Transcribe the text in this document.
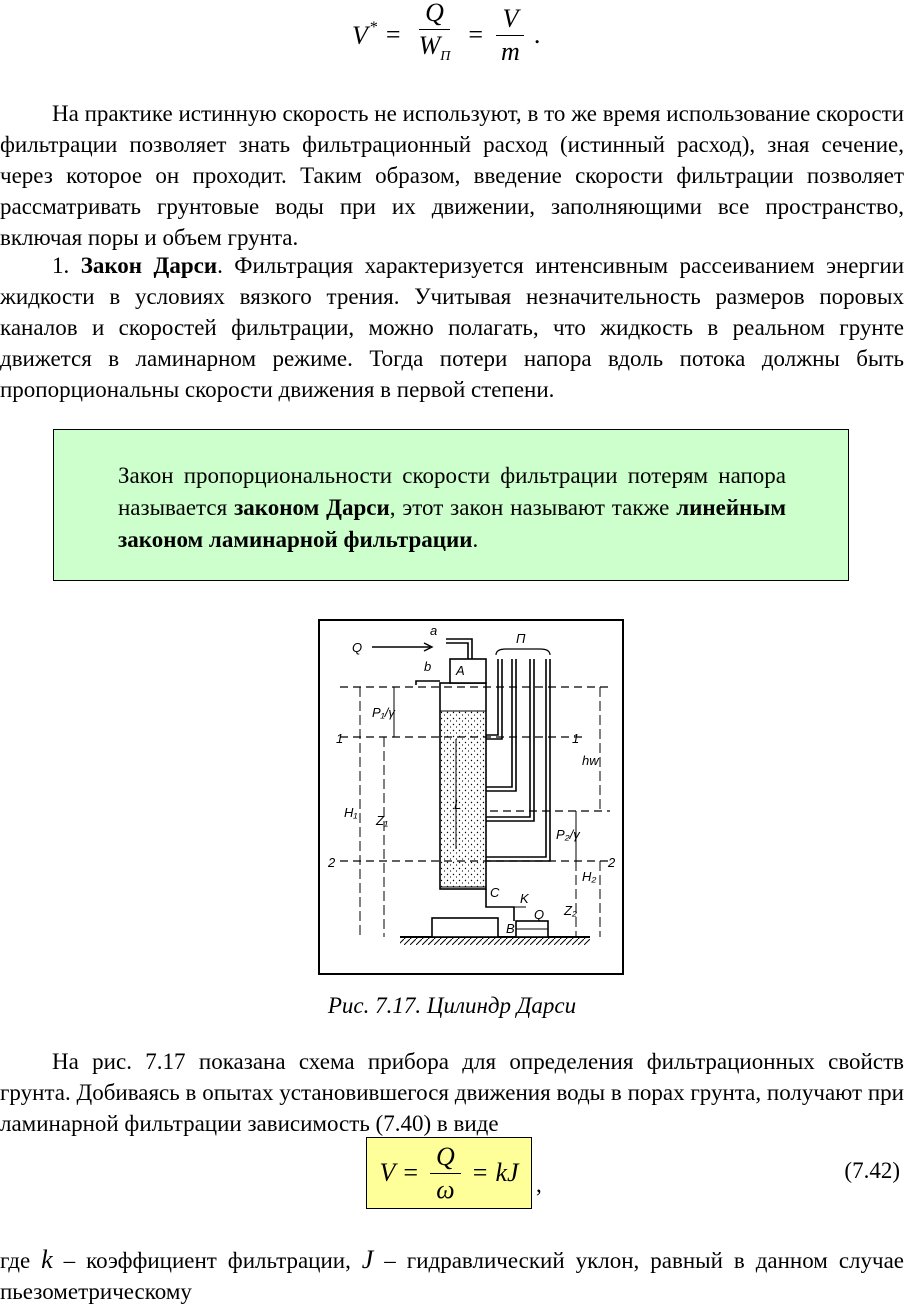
V $^* = \frac{Q}{W_П} = \frac{V}{m}$ .

На практике истинную скорость не используют, в то же время использование скорости фильтрации позволяет знать фильтрационный расход (истинный расход), зная сечение, через которое он проходит. Таким образом, введение скорости фильтрации позволяет рассматривать грунтовые воды при их движении, заполняющими все пространство, включая поры и объем грунта.

1. Закон Дарси. Фильтрация характеризуется интенсивным рассеиванием энергии жидкости в условиях вязкого трения. Учитывая незначительность размеров поровых каналов и скоростей фильтрации, можно полагать, что жидкость в реальном грунте движется в ламинарном режиме. Тогда потери напора вдоль потока должны быть пропорциональны скорости движения в первой степени.

Закон пропорциональности скорости фильтрации потерям напора называется законом Дарси, этот закон называют также линейным законом ламинарной фильтрации.
Q
a
b A
П
P₁/γ
1	1
hw
L
H₁
Z₁
P₂/γ
2	2
H₂
C K
B
Q Z₂
Рис. 7.17. Цилиндр Дарси

На рис. 7.17 показана схема прибора для определения фильтрационных свойств грунта. Добиваясь в опытах установившегося движения воды в порах грунта, получают при ламинарной фильтрации зависимость (7.40) в виде

$V = \frac{Q}{\omega}$ = kJ ,
(7.42)

где k – коэффициент фильтрации, J – гидравлический уклон, равный в данном случае пьезометрическому
